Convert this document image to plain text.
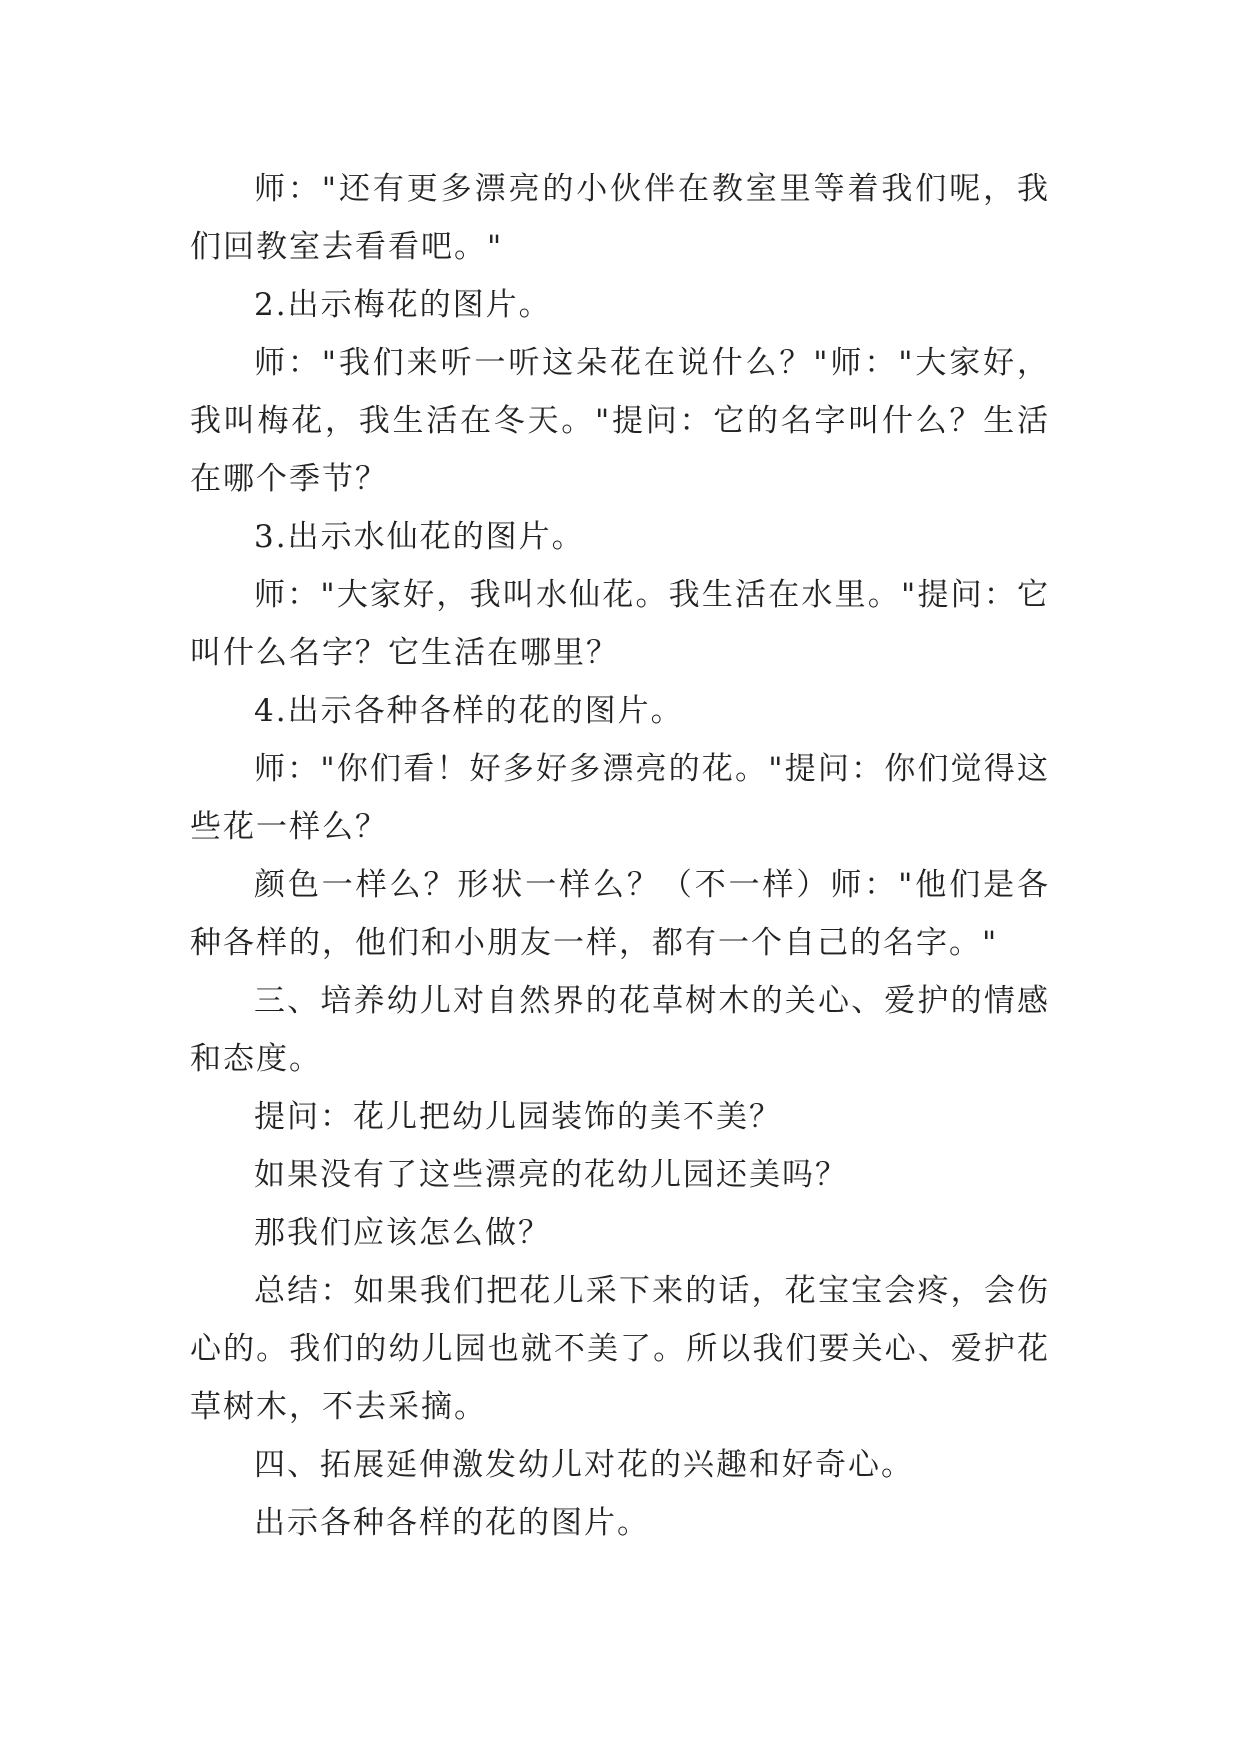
师："还有更多漂亮的小伙伴在教室里等着我们呢，我们回教室去看看吧。"

2.出示梅花的图片。

师："我们来听一听这朵花在说什么？"师："大家好，我叫梅花，我生活在冬天。"提问：它的名字叫什么？生活在哪个季节？

3.出示水仙花的图片。

师："大家好，我叫水仙花。我生活在水里。"提问：它叫什么名字？它生活在哪里？

4.出示各种各样的花的图片。

师："你们看！好多好多漂亮的花。"提问：你们觉得这些花一样么？

颜色一样么？形状一样么？（不一样）师："他们是各种各样的，他们和小朋友一样，都有一个自己的名字。"

三、培养幼儿对自然界的花草树木的关心、爱护的情感和态度。

提问：花儿把幼儿园装饰的美不美？

如果没有了这些漂亮的花幼儿园还美吗？

那我们应该怎么做？

总结：如果我们把花儿采下来的话，花宝宝会疼，会伤心的。我们的幼儿园也就不美了。所以我们要关心、爱护花草树木，不去采摘。

四、拓展延伸激发幼儿对花的兴趣和好奇心。

出示各种各样的花的图片。
